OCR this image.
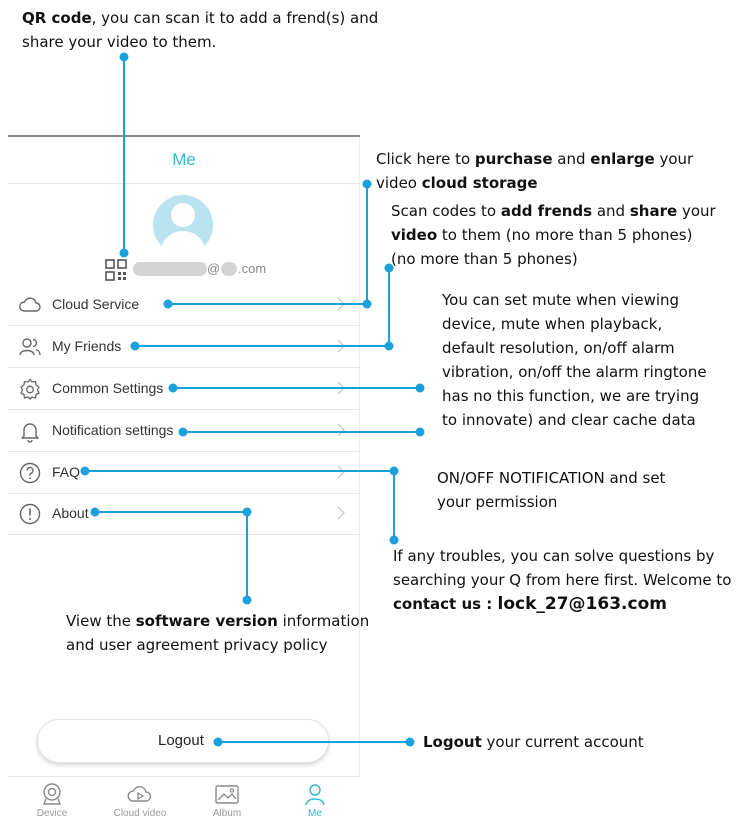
Me
@ .com
Cloud Service
My Friends
Common Settings
Notification settings
FAQ
About
Logout
Device	Cloud video	Album	Me
QR code, you can scan it to add a frend(s) and
share your video to them.
Click here to purchase and enlarge your
video cloud storage
Scan codes to add frends and share your
video to them (no more than 5 phones)
(no more than 5 phones)
You can set mute when viewing
device, mute when playback,
default resolution, on/off alarm
vibration, on/off the alarm ringtone
has no this function, we are trying
to innovate) and clear cache data
ON/OFF NOTIFICATION and set
your permission
If any troubles, you can solve questions by
searching your Q from here first. Welcome to
contact us : lock_27@163.com
View the software version information
and user agreement privacy policy
Logout your current account
